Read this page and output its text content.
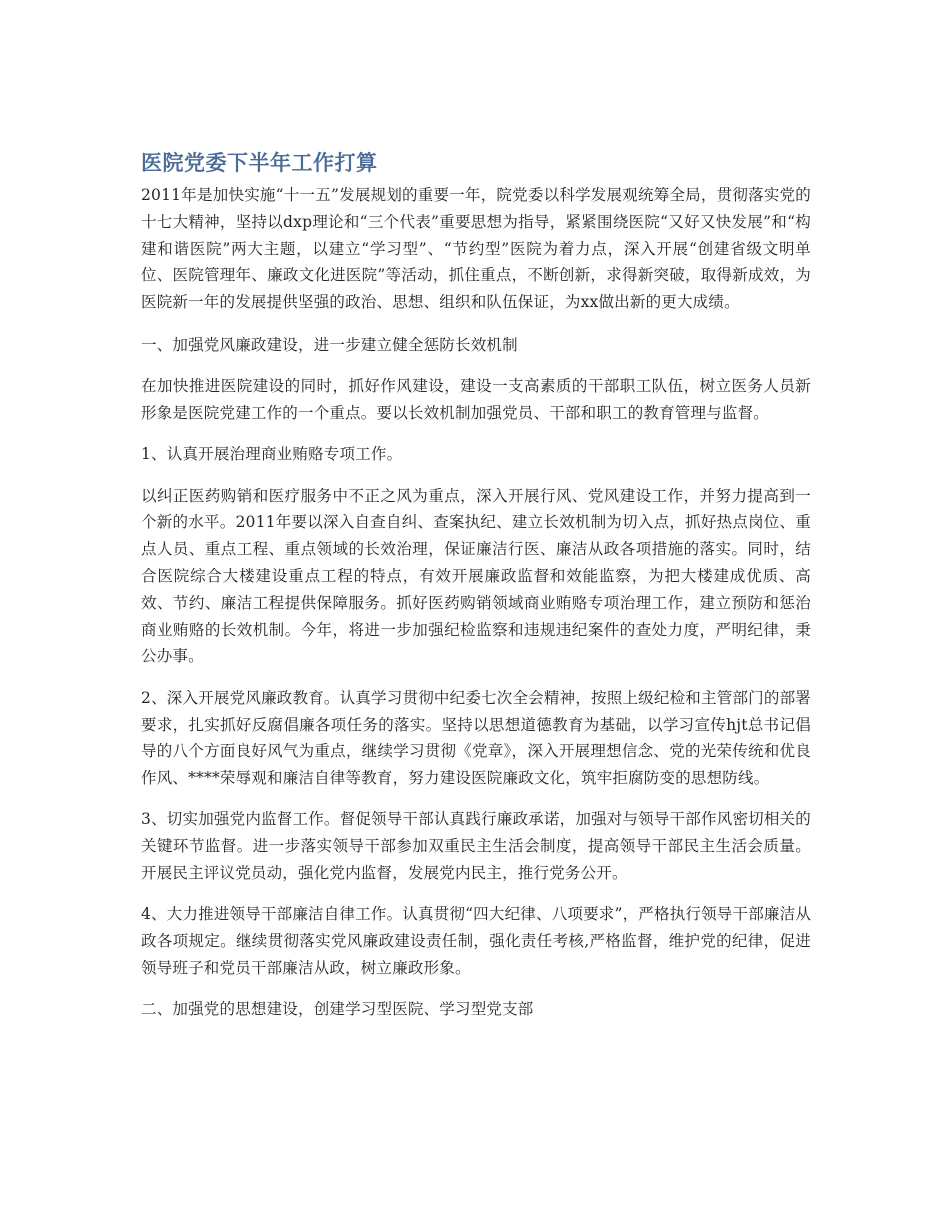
医院党委下半年工作打算

2011年是加快实施“十一五”发展规划的重要一年，院党委以科学发展观统筹全局，贯彻落实党的十七大精神，坚持以dxp理论和“三个代表”重要思想为指导，紧紧围绕医院“又好又快发展”和“构建和谐医院”两大主题，以建立“学习型”、“节约型”医院为着力点，深入开展“创建省级文明单位、医院管理年、廉政文化进医院”等活动，抓住重点，不断创新，求得新突破，取得新成效，为医院新一年的发展提供坚强的政治、思想、组织和队伍保证，为xx做出新的更大成绩。

一、加强党风廉政建设，进一步建立健全惩防长效机制

在加快推进医院建设的同时，抓好作风建设，建设一支高素质的干部职工队伍，树立医务人员新形象是医院党建工作的一个重点。要以长效机制加强党员、干部和职工的教育管理与监督。

1、认真开展治理商业贿赂专项工作。

以纠正医药购销和医疗服务中不正之风为重点，深入开展行风、党风建设工作，并努力提高到一个新的水平。2011年要以深入自查自纠、查案执纪、建立长效机制为切入点，抓好热点岗位、重点人员、重点工程、重点领域的长效治理，保证廉洁行医、廉洁从政各项措施的落实。同时，结合医院综合大楼建设重点工程的特点，有效开展廉政监督和效能监察，为把大楼建成优质、高效、节约、廉洁工程提供保障服务。抓好医药购销领域商业贿赂专项治理工作，建立预防和惩治商业贿赂的长效机制。今年，将进一步加强纪检监察和违规违纪案件的查处力度，严明纪律，秉公办事。

2、深入开展党风廉政教育。认真学习贯彻中纪委七次全会精神，按照上级纪检和主管部门的部署要求，扎实抓好反腐倡廉各项任务的落实。坚持以思想道德教育为基础，以学习宣传hjt总书记倡导的八个方面良好风气为重点，继续学习贯彻《党章》，深入开展理想信念、党的光荣传统和优良作风、****荣辱观和廉洁自律等教育，努力建设医院廉政文化，筑牢拒腐防变的思想防线。

3、切实加强党内监督工作。督促领导干部认真践行廉政承诺，加强对与领导干部作风密切相关的关键环节监督。进一步落实领导干部参加双重民主生活会制度，提高领导干部民主生活会质量。开展民主评议党员动，强化党内监督，发展党内民主，推行党务公开。

4、大力推进领导干部廉洁自律工作。认真贯彻“四大纪律、八项要求”，严格执行领导干部廉洁从政各项规定。继续贯彻落实党风廉政建设责任制，强化责任考核,严格监督，维护党的纪律，促进领导班子和党员干部廉洁从政，树立廉政形象。

二、加强党的思想建设，创建学习型医院、学习型党支部
